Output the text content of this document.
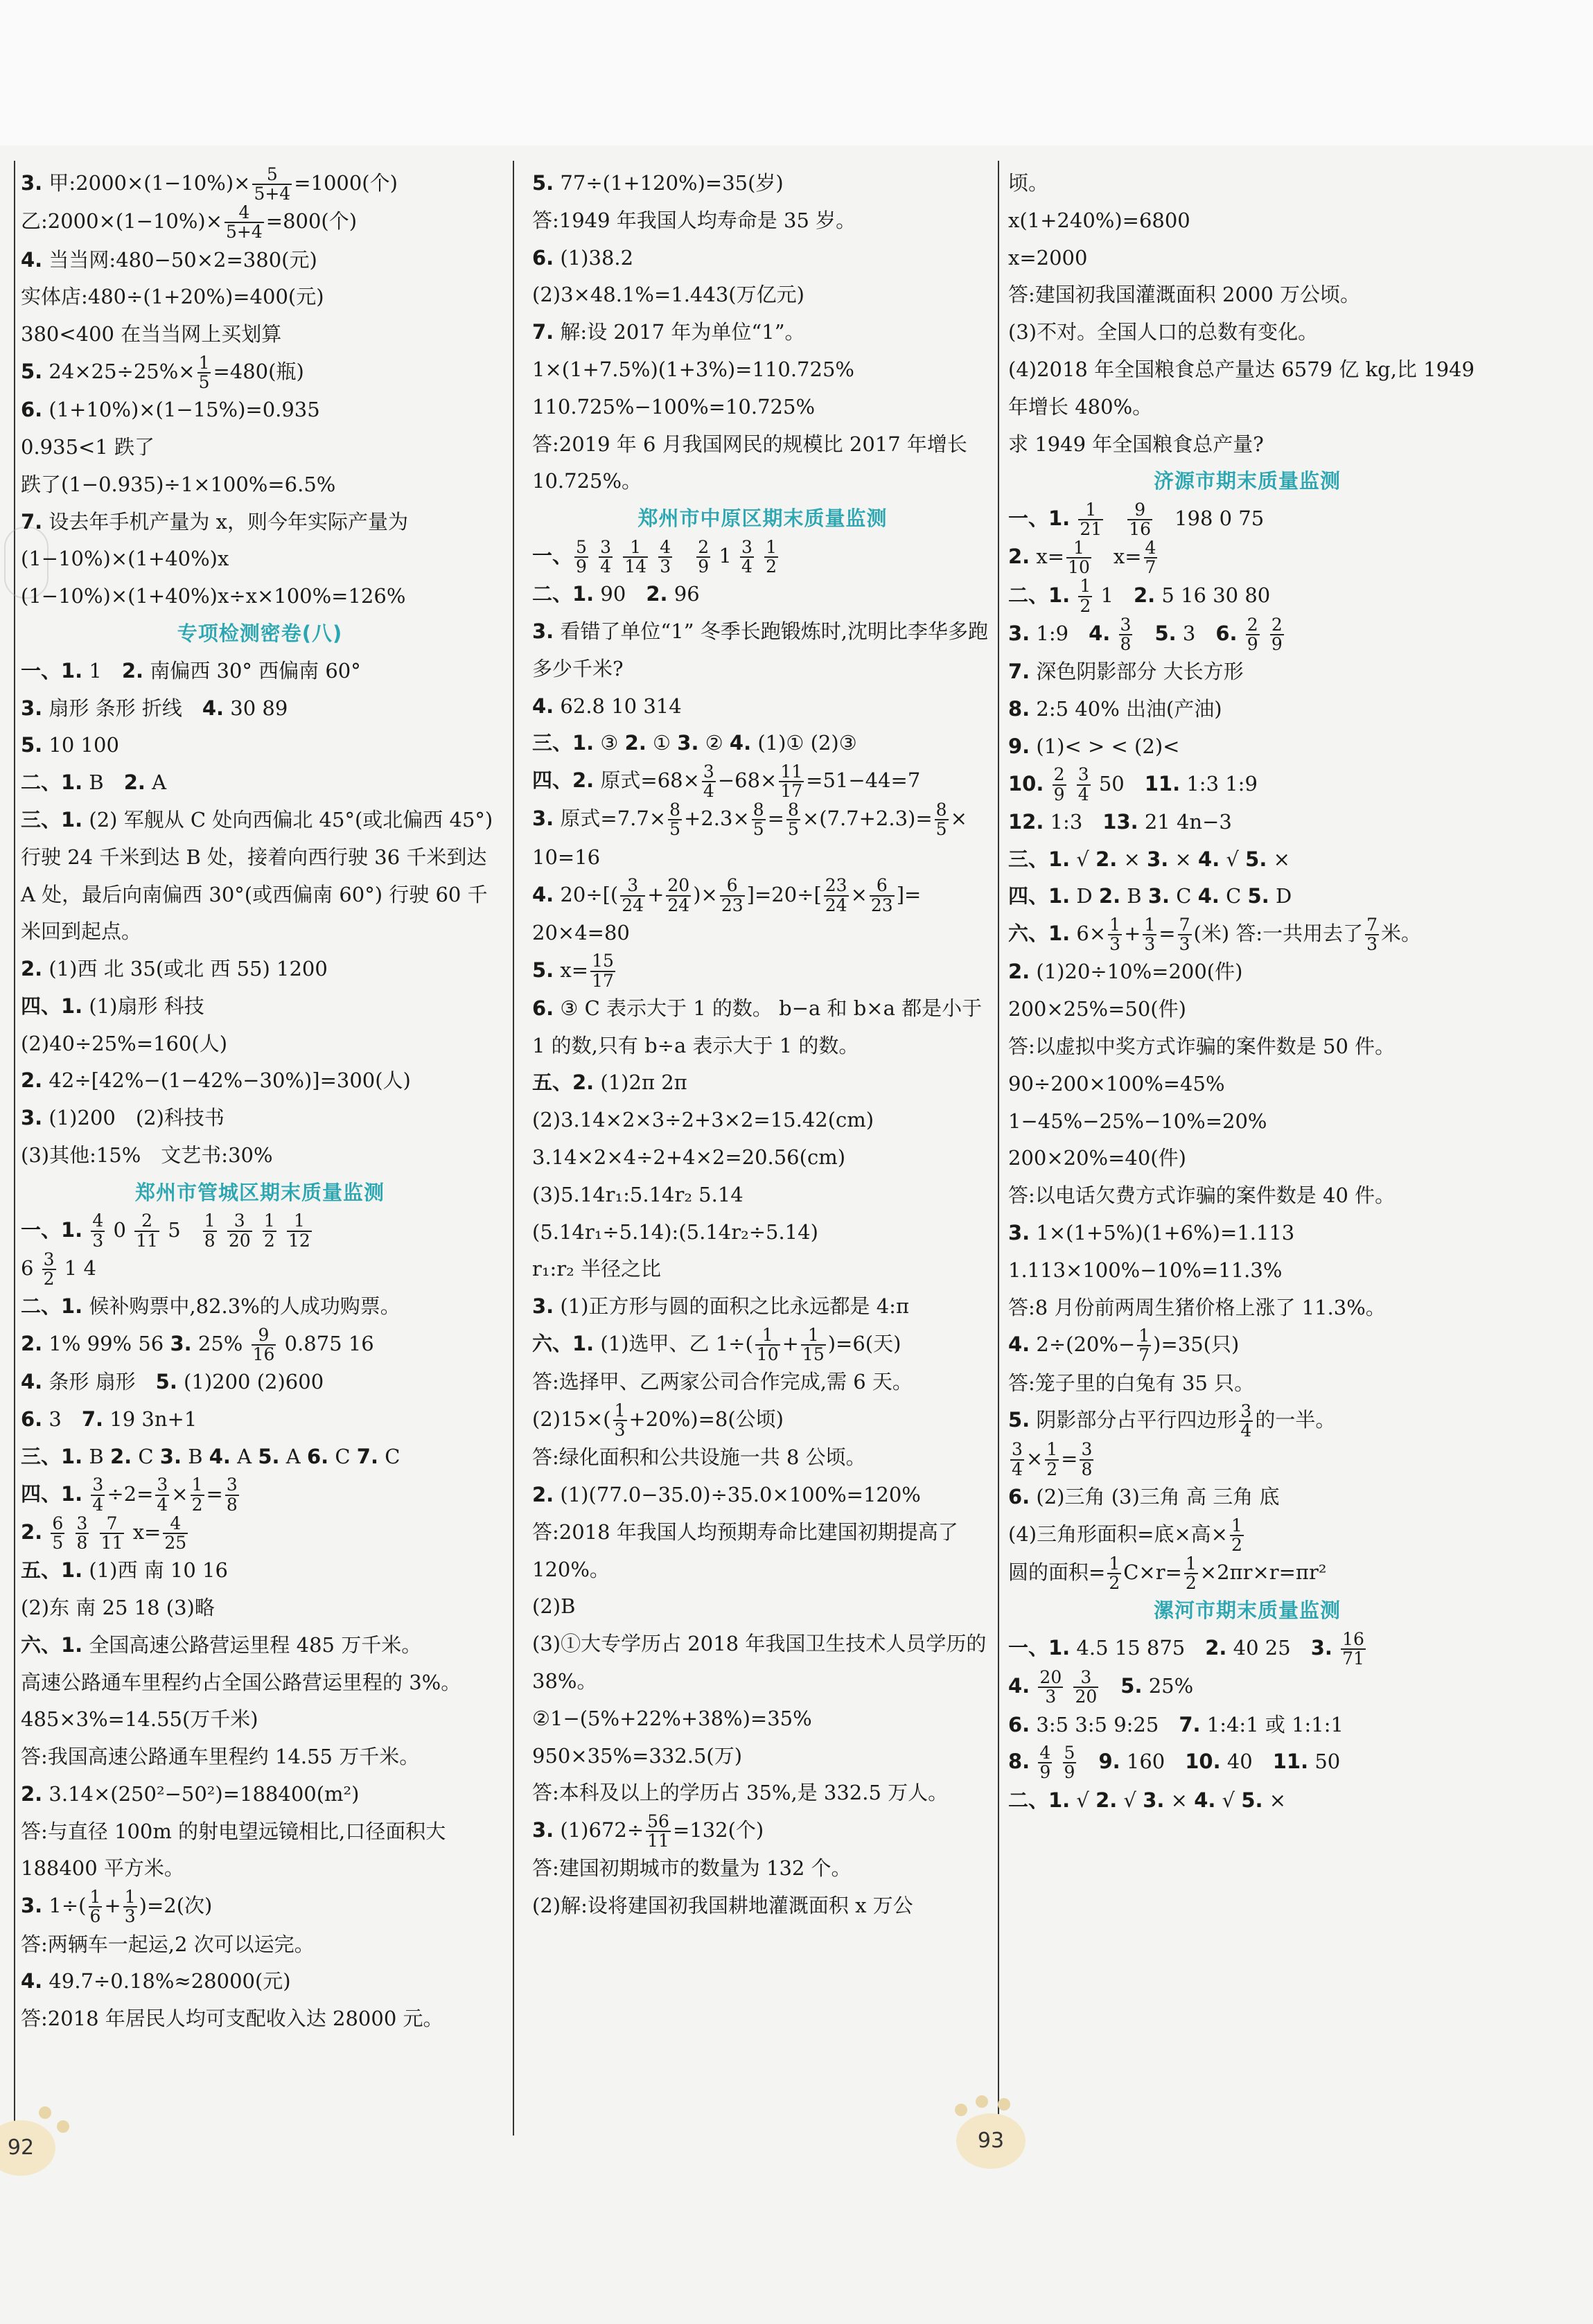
3. 甲:2000×(1−10%)× $\frac{5}{5+4} =1000$(个)
乙:2000×(1−10%)× $\frac{4}{5+4} =800$(个)
4. 当当网:480−50×2=380(元)
实体店:480÷(1+20%)=400(元)
380<400 在当当网上买划算
5. $24\times 25\div 25\%\times \frac{1}{5} =480$(瓶)
6. (1+10%)×(1−15%)=0.935
0.935<1 跌了
跌了(1−0.935)÷1×100%=6.5%
7. 设去年手机产量为 x，则今年实际产量为
(1−10%)×(1+40%)x
(1−10%)×(1+40%)x÷x×100%=126%
专项检测密卷(八)
一、1. 1　2. 南偏西 30° 西偏南 60°
3. 扇形 条形 折线　4. 30 89
5. 10 100
二、1. B　2. A
三、1. (2) 军舰从 C 处向西偏北 45°(或北偏西 45°) 行驶 24 千米到达 B 处，接着向西行驶 36 千米到达 A 处，最后向南偏西 30°(或西偏南 60°) 行驶 60 千米回到起点。
2. (1)西 北 35(或北 西 55) 1200
四、1. (1)扇形 科技
(2)40÷25%=160(人)
2. 42÷[42%−(1−42%−30%)]=300(人)
3. (1)200　(2)科技书
(3)其他:15%　文艺书:30%
郑州市管城区期末质量监测
一、1. $\frac{4}{3} 0 \frac{2}{11} 5$　 $\frac{1}{8}$
$\frac{3}{20}$
$\frac{1}{2}$
$\frac{1}{12}$
$6 \frac{3}{2} 1$ 4
二、1. 候补购票中,82.3%的人成功购票。
2. 1% 99% 56 3. $25\% \frac{9}{16} 0.875$ 16
4. 条形 扇形　5. (1)200 (2)600
6. 3　7. 19 3n+1
三、1. B 2. C 3. B 4. A 5. A 6. C 7. C
四、1. $\frac{3}{4} \div 2= \frac{3}{4} \times \frac{1}{2} = \frac{3}{8}$
2. $\frac{6}{5}$
$\frac{3}{8}$
$\frac{7}{11} x= \frac{4}{25}$
五、1. (1)西 南 10 16
(2)东 南 25 18 (3)略
六、1. 全国高速公路营运里程 485 万千米。
高速公路通车里程约占全国公路营运里程的 3%。
485×3%=14.55(万千米)
答:我国高速公路通车里程约 14.55 万千米。
2. 3.14×(250²−50²)=188400(m²)
答:与直径 100m 的射电望远镜相比,口径面积大 188400 平方米。
3. $1\div( \frac{1}{6} + \frac{1}{3} )=2$(次)
答:两辆车一起运,2 次可以运完。
4. 49.7÷0.18%≈28000(元)
答:2018 年居民人均可支配收入达 28000 元。
5. 77÷(1+120%)=35(岁)
答:1949 年我国人均寿命是 35 岁。
6. (1)38.2
(2)3×48.1%=1.443(万亿元)
7. 解:设 2017 年为单位“1”。
1×(1+7.5%)(1+3%)=110.725%
110.725%−100%=10.725%
答:2019 年 6 月我国网民的规模比 2017 年增长 10.725%。
郑州市中原区期末质量监测
一、 $\frac{5}{9}$
$\frac{3}{4}$
$\frac{1}{14}$
$\frac{4}{3}$
　 $\frac{2}{9} 1 \frac{3}{4}$
$\frac{1}{2}$
二、1. 90　2. 96
3. 看错了单位“1” 冬季长跑锻炼时,沈明比李华多跑多少千米?
4. 62.8 10 314
三、1. ③ 2. ① 3. ② 4. (1)① (2)③
四、2. 原式$=68\times \frac{3}{4} -68\times \frac{11}{17} =51-44=7$
3. 原式$=7.7\times \frac{8}{5} +2.3\times \frac{8}{5} = \frac{8}{5} \times(7.7+2.3)= \frac{8}{5}$ ×
10=16
4. $20\div[( \frac{3}{24} + \frac{20}{24}$ )× $\frac{6}{23} ]=20\div[ \frac{23}{24} \times \frac{6}{23}$ ]=
20×4=80
5. $x= \frac{15}{17}$
6. ③ C 表示大于 1 的数。 b−a 和 b×a 都是小于 1 的数,只有 b÷a 表示大于 1 的数。
五、2. (1)2π 2π
(2)3.14×2×3÷2+3×2=15.42(cm)
3.14×2×4÷2+4×2=20.56(cm)
(3)5.14r₁:5.14r₂ 5.14
(5.14r₁÷5.14):(5.14r₂÷5.14)
r₁:r₂ 半径之比
3. (1)正方形与圆的面积之比永远都是 4:π
六、1. (1)选甲、乙 $1\div( \frac{1}{10} + \frac{1}{15} )=6$(天)
答:选择甲、乙两家公司合作完成,需 6 天。
$(2)15\times( \frac{1}{3} +20\%)=8$(公顷)
答:绿化面积和公共设施一共 8 公顷。
2. (1)(77.0−35.0)÷35.0×100%=120%
答:2018 年我国人均预期寿命比建国初期提高了 120%。
(2)B
(3)①大专学历占 2018 年我国卫生技术人员学历的 38%。
②1−(5%+22%+38%)=35%
950×35%=332.5(万)
答:本科及以上的学历占 35%,是 332.5 万人。
3. $(1)672\div \frac{56}{11} =132$(个)
答:建国初期城市的数量为 132 个。
(2)解:设将建国初我国耕地灌溉面积 x 万公
顷。
x(1+240%)=6800
x=2000
答:建国初我国灌溉面积 2000 万公顷。
(3)不对。全国人口的总数有变化。
(4)2018 年全国粮食总产量达 6579 亿 kg,比 1949 年增长 480%。
求 1949 年全国粮食总产量?
济源市期末质量监测
一、1. $\frac{1}{21}$
　 $\frac{9}{16}$ 　198 0 75
2. $x= \frac{1}{10}$ 　$x= \frac{4}{7}$
二、1. $\frac{1}{2} 1$　2. 5 16 30 80
3. 1:9　4. $\frac{3}{8}$
　 5. 3　6. $\frac{2}{9}$
$\frac{2}{9}$
7. 深色阴影部分 大长方形
8. 2:5 40% 出油(产油)
9. (1)< > < (2)<
10. $\frac{2}{9}$
$\frac{3}{4} 50$　11. 1:3 1:9
12. 1:3　13. 21 4n−3
三、1. √ 2. × 3. × 4. √ 5. ×
四、1. D 2. B 3. C 4. C 5. D
六、1. $6\times \frac{1}{3} + \frac{1}{3} = \frac{7}{3}$ (米) 答:一共用去了 $\frac{7}{3}$ 米。
2. (1)20÷10%=200(件)
200×25%=50(件)
答:以虚拟中奖方式诈骗的案件数是 50 件。
90÷200×100%=45%
1−45%−25%−10%=20%
200×20%=40(件)
答:以电话欠费方式诈骗的案件数是 40 件。
3. 1×(1+5%)(1+6%)=1.113
1.113×100%−10%=11.3%
答:8 月份前两周生猪价格上涨了 11.3%。
4. $2\div(20\%- \frac{1}{7} )=35$(只)
答:笼子里的白兔有 35 只。
5. 阴影部分占平行四边形 $\frac{3}{4}$ 的一半。
$\frac{3}{4} \times \frac{1}{2} = \frac{3}{8}$
6. (2)三角 (3)三角 高 三角 底
(4)三角形面积=底×高× $\frac{1}{2}$
圆的面积= $\frac{1}{2} C\times r= \frac{1}{2} \times 2\pi r\times r=\pi r^2$
漯河市期末质量监测
一、1. 4.5 15 875　2. 40 25　3. $\frac{16}{71}$
4. $\frac{20}{3}$
$\frac{3}{20}$
　 5. 25%
6. 3:5 3:5 9:25　7. 1:4:1 或 1:1:1
8. $\frac{4}{9}$
$\frac{5}{9}$
　 9. 160　10. 40　11. 50
二、1. √ 2. √ 3. × 4. √ 5. ×
92	93
